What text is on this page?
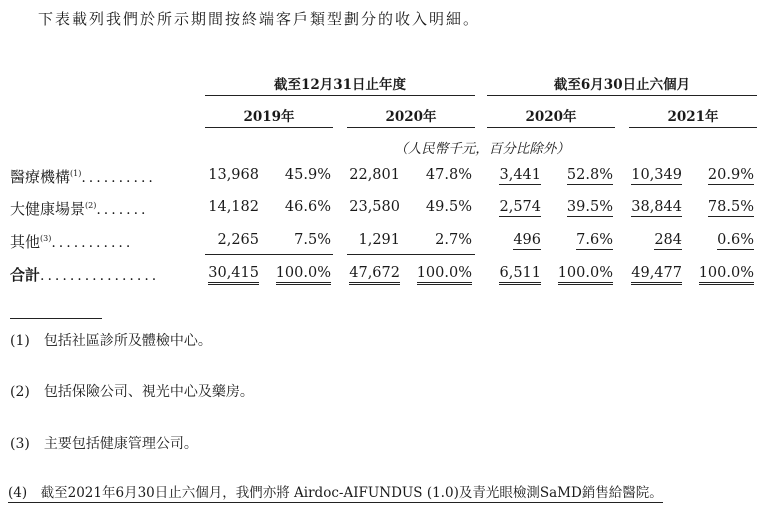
下表載列我們於所示期間按終端客戶類型劃分的收入明細。
截至12月31日止年度	截至6月30日止六個月
2019年	2020年	2020年	2021年
（人民幣千元，百分比除外）
醫療機構$^{(1)}$..........	13,968 45.9% 22,801 47.8% 3,441 52.8% 10,349 20.9%
大健康場景$^{(2)}$.......	14,182 46.6% 23,580 49.5% 2,574 39.5% 38,844 78.5%
其他$^{(3)}$...........	2,265 7.5% 1,291 2.7%	496 7.6%	284 0.6%
合計................	30,415 100.0% 47,672 100.0% 6,511 100.0% 49,477 100.0%
(1)　包括社區診所及體檢中心。
(2)　包括保險公司、視光中心及藥房。
(3)　主要包括健康管理公司。
(4)　截至2021年6月30日止六個月，我們亦將 Airdoc-AIFUNDUS (1.0)及青光眼檢測SaMD銷售給醫院。
